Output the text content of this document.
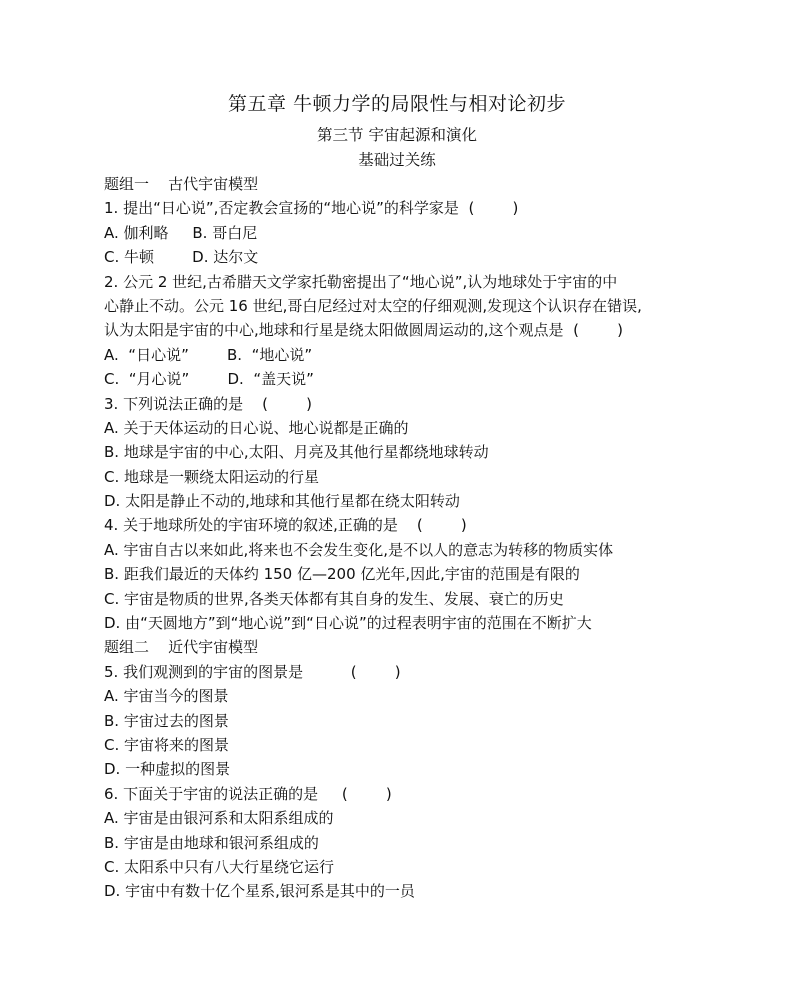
第五章 牛顿力学的局限性与相对论初步
第三节 宇宙起源和演化
基础过关练
题组一    古代宇宙模型
1. 提出“日心说”,否定教会宣扬的“地心说”的科学家是  (        )
A. 伽利略     B. 哥白尼
C. 牛顿        D. 达尔文
2. 公元 2 世纪,古希腊天文学家托勒密提出了“地心说”,认为地球处于宇宙的中
心静止不动。公元 16 世纪,哥白尼经过对太空的仔细观测,发现这个认识存在错误,
认为太阳是宇宙的中心,地球和行星是绕太阳做圆周运动的,这个观点是  (        )
A.  “日心说”        B.  “地心说”
C.  “月心说”        D.  “盖天说”
3. 下列说法正确的是    (        )
A. 关于天体运动的日心说、地心说都是正确的
B. 地球是宇宙的中心,太阳、月亮及其他行星都绕地球转动
C. 地球是一颗绕太阳运动的行星
D. 太阳是静止不动的,地球和其他行星都在绕太阳转动
4. 关于地球所处的宇宙环境的叙述,正确的是    (        )
A. 宇宙自古以来如此,将来也不会发生变化,是不以人的意志为转移的物质实体
B. 距我们最近的天体约 150 亿—200 亿光年,因此,宇宙的范围是有限的
C. 宇宙是物质的世界,各类天体都有其自身的发生、发展、衰亡的历史
D. 由“天圆地方”到“地心说”到“日心说”的过程表明宇宙的范围在不断扩大
题组二    近代宇宙模型
5. 我们观测到的宇宙的图景是          (        )
A. 宇宙当今的图景
B. 宇宙过去的图景
C. 宇宙将来的图景
D. 一种虚拟的图景
6. 下面关于宇宙的说法正确的是     (        )
A. 宇宙是由银河系和太阳系组成的
B. 宇宙是由地球和银河系组成的
C. 太阳系中只有八大行星绕它运行
D. 宇宙中有数十亿个星系,银河系是其中的一员
